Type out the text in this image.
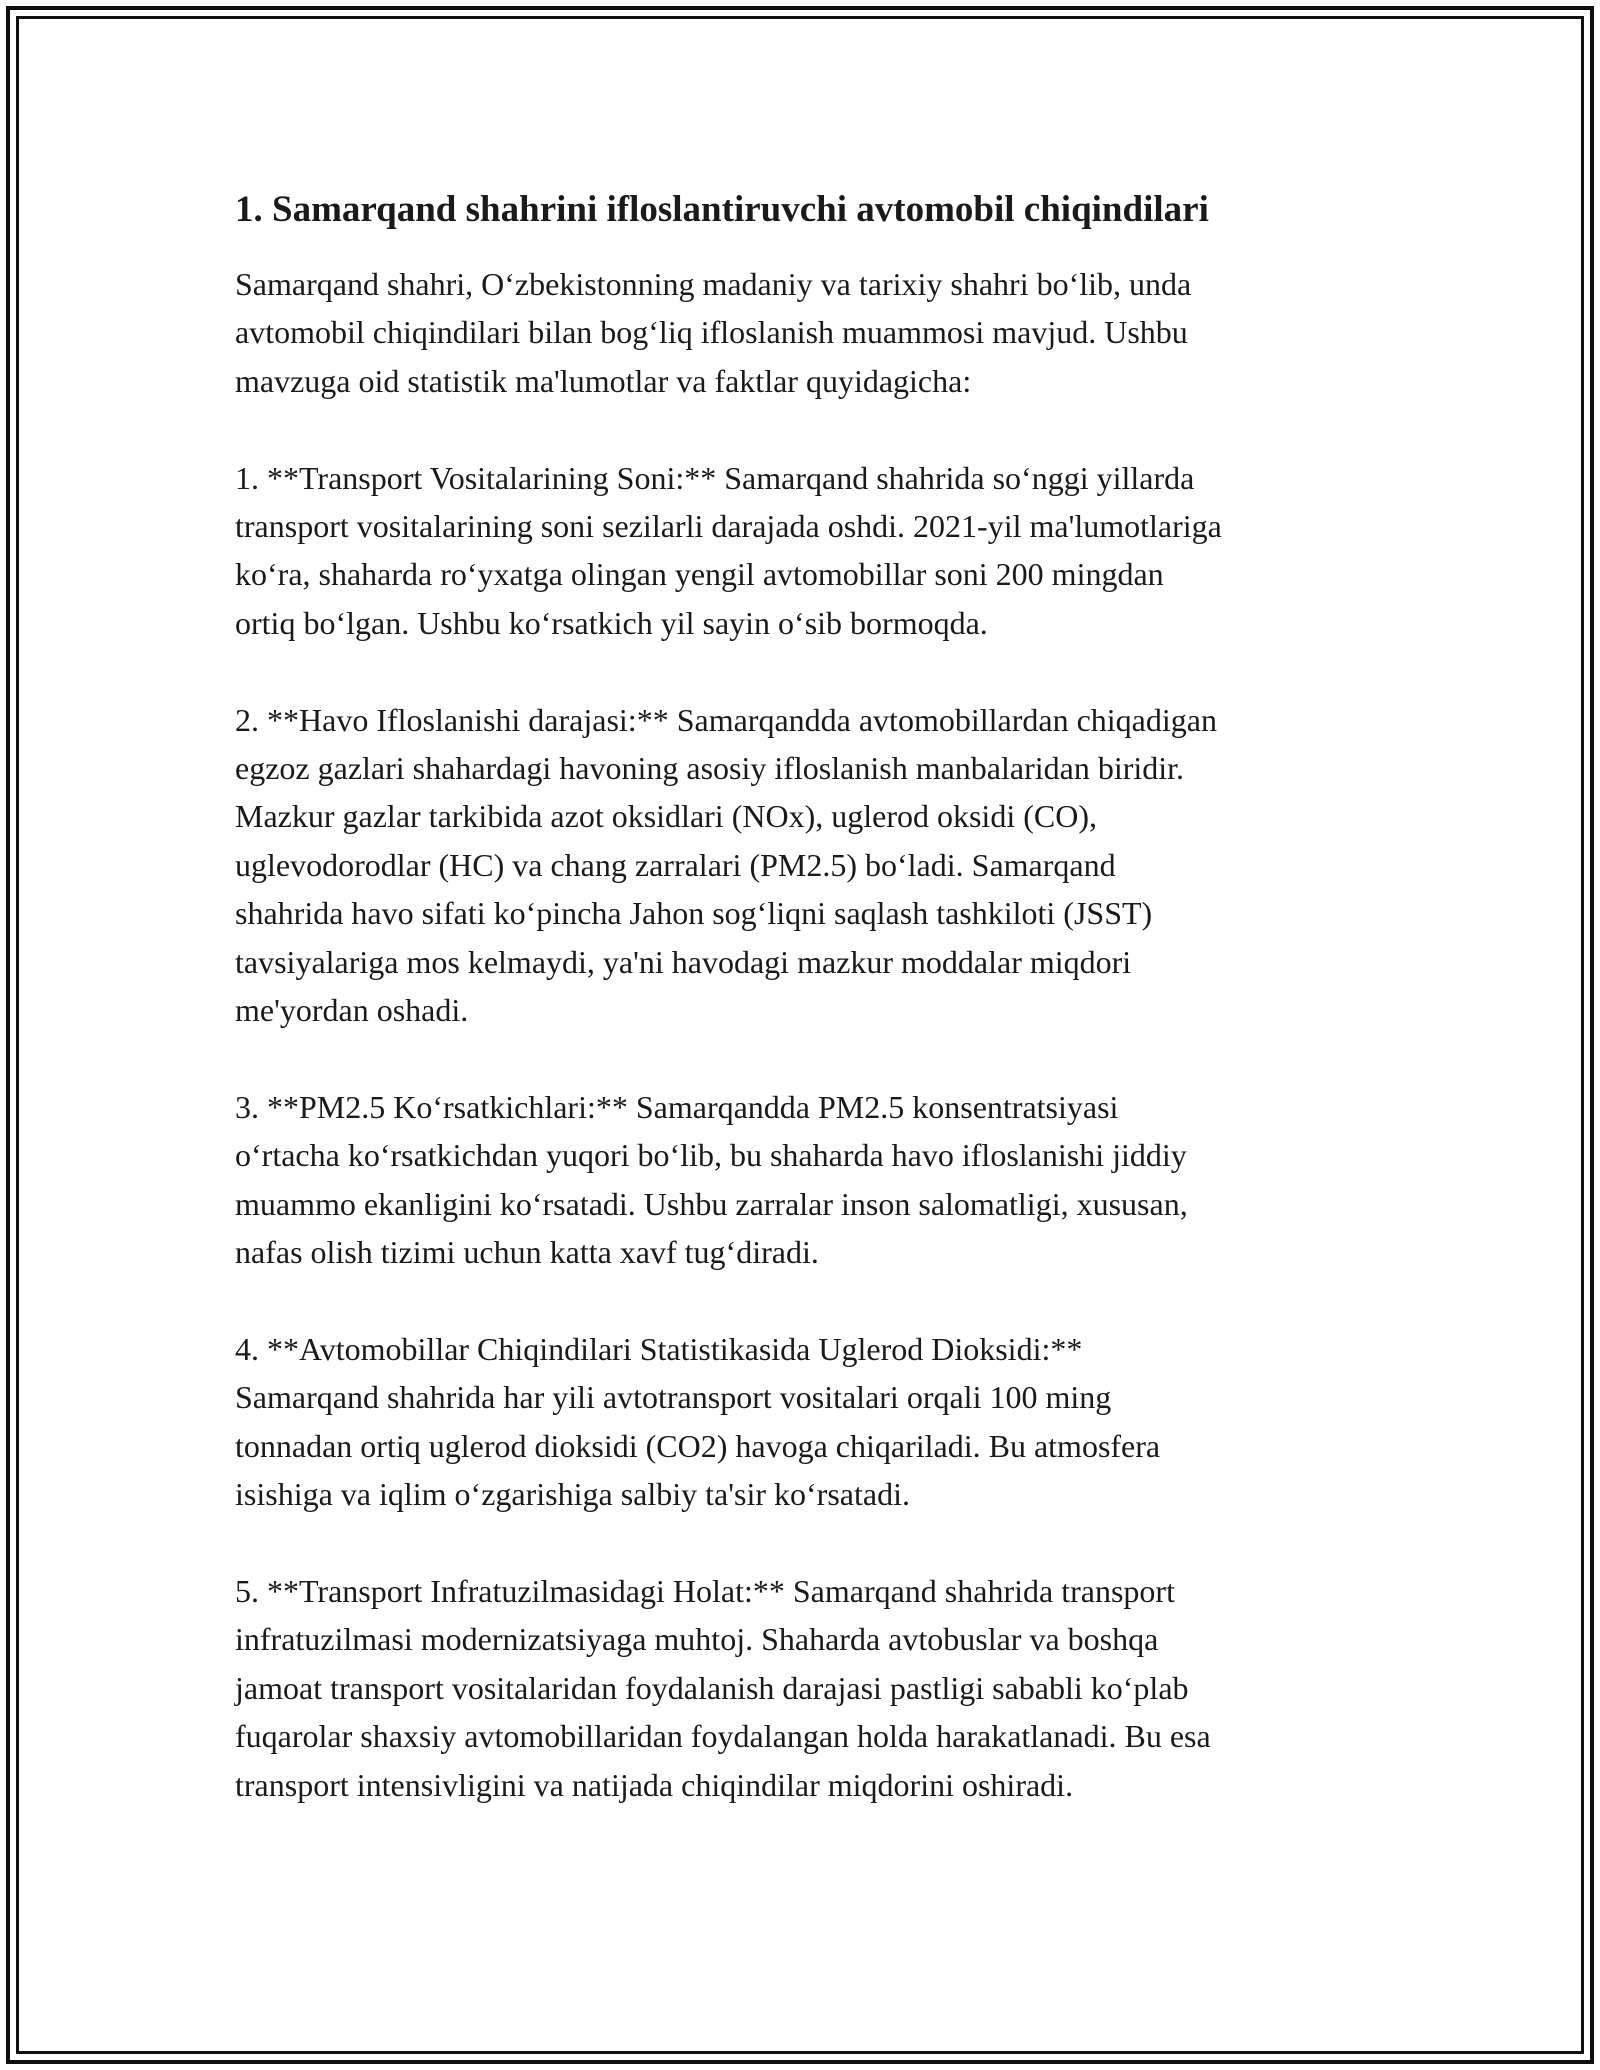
1. Samarqand shahrini ifloslantiruvchi avtomobil chiqindilari
Samarqand shahri, O‘zbekistonning madaniy va tarixiy shahri bo‘lib, unda
avtomobil chiqindilari bilan bog‘liq ifloslanish muammosi mavjud. Ushbu
mavzuga oid statistik ma'lumotlar va faktlar quyidagicha:
1. **Transport Vositalarining Soni:** Samarqand shahrida so‘nggi yillarda
transport vositalarining soni sezilarli darajada oshdi. 2021-yil ma'lumotlariga
ko‘ra, shaharda ro‘yxatga olingan yengil avtomobillar soni 200 mingdan
ortiq bo‘lgan. Ushbu ko‘rsatkich yil sayin o‘sib bormoqda.
2. **Havo Ifloslanishi darajasi:** Samarqandda avtomobillardan chiqadigan
egzoz gazlari shahardagi havoning asosiy ifloslanish manbalaridan biridir.
Mazkur gazlar tarkibida azot oksidlari (NOx), uglerod oksidi (CO),
uglevodorodlar (HC) va chang zarralari (PM2.5) bo‘ladi. Samarqand
shahrida havo sifati ko‘pincha Jahon sog‘liqni saqlash tashkiloti (JSST)
tavsiyalariga mos kelmaydi, ya'ni havodagi mazkur moddalar miqdori
me'yordan oshadi.
3. **PM2.5 Ko‘rsatkichlari:** Samarqandda PM2.5 konsentratsiyasi
o‘rtacha ko‘rsatkichdan yuqori bo‘lib, bu shaharda havo ifloslanishi jiddiy
muammo ekanligini ko‘rsatadi. Ushbu zarralar inson salomatligi, xususan,
nafas olish tizimi uchun katta xavf tug‘diradi.
4. **Avtomobillar Chiqindilari Statistikasida Uglerod Dioksidi:**
Samarqand shahrida har yili avtotransport vositalari orqali 100 ming
tonnadan ortiq uglerod dioksidi (CO2) havoga chiqariladi. Bu atmosfera
isishiga va iqlim o‘zgarishiga salbiy ta'sir ko‘rsatadi.
5. **Transport Infratuzilmasidagi Holat:** Samarqand shahrida transport
infratuzilmasi modernizatsiyaga muhtoj. Shaharda avtobuslar va boshqa
jamoat transport vositalaridan foydalanish darajasi pastligi sababli ko‘plab
fuqarolar shaxsiy avtomobillaridan foydalangan holda harakatlanadi. Bu esa
transport intensivligini va natijada chiqindilar miqdorini oshiradi.
